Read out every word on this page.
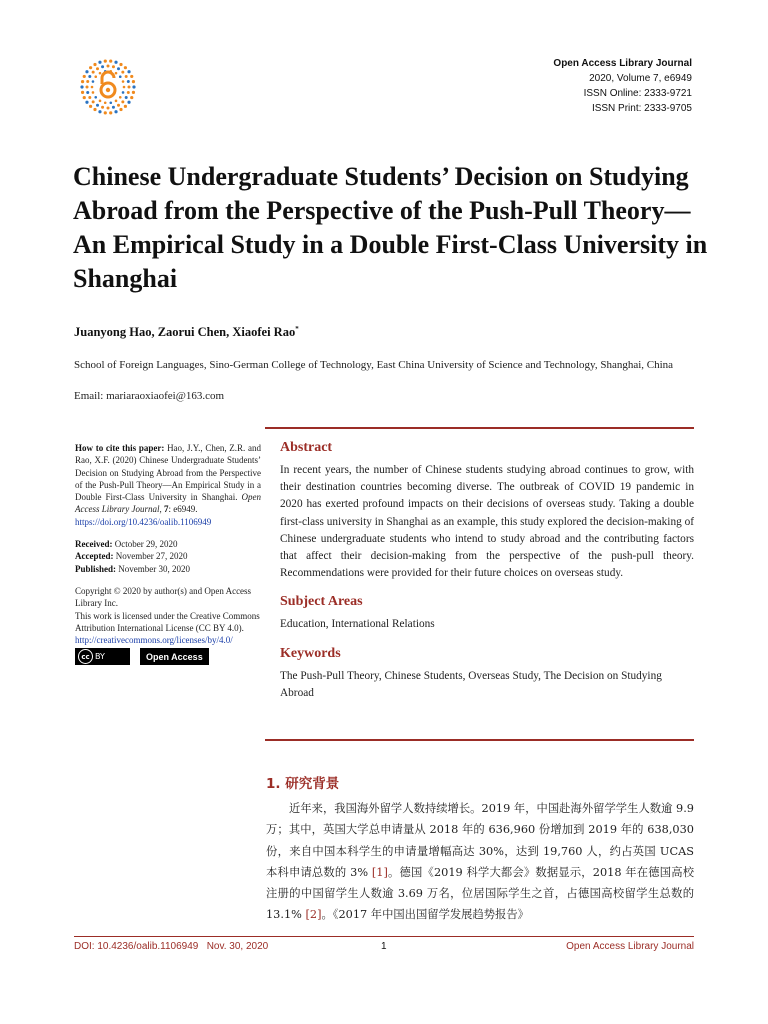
Open Access Library Journal
2020, Volume 7, e6949
ISSN Online: 2333-9721
ISSN Print: 2333-9705
Chinese Undergraduate Students’ Decision on Studying Abroad from the Perspective of the Push-Pull Theory—An Empirical Study in a Double First-Class University in Shanghai
Juanyong Hao, Zaorui Chen, Xiaofei Rao*
School of Foreign Languages, Sino-German College of Technology, East China University of Science and Technology, Shanghai, China
Email: mariaraoxiaofei@163.com
How to cite this paper: Hao, J.Y., Chen, Z.R. and Rao, X.F. (2020) Chinese Undergraduate Students’ Decision on Studying Abroad from the Perspective of the Push-Pull Theory—An Empirical Study in a Double First-Class University in Shanghai. Open Access Library Journal, 7: e6949.
https://doi.org/10.4236/oalib.1106949
Received: October 29, 2020
Accepted: November 27, 2020
Published: November 30, 2020
Copyright © 2020 by author(s) and Open Access Library Inc.
This work is licensed under the Creative Commons Attribution International License (CC BY 4.0).
http://creativecommons.org/licenses/by/4.0/
cc BY	Open Access
Abstract

In recent years, the number of Chinese students studying abroad continues to grow, with their destination countries becoming diverse. The outbreak of COVID 19 pandemic in 2020 has exerted profound impacts on their decisions of overseas study. Taking a double first-class university in Shanghai as an example, this study explored the decision-making of Chinese undergraduate students who intend to study abroad and the contributing factors that affect their decision-making from the perspective of the push-pull theory. Recommendations were provided for their future choices on overseas study.

Subject Areas

Education, International Relations

Keywords

The Push-Pull Theory, Chinese Students, Overseas Study, The Decision on Studying Abroad

1. 研究背景
近年来，我国海外留学人数持续增长。2019 年，中国赴海外留学学生人数逾 9.9 万；其中，英国大学总申请量从 2018 年的 636,960 份增加到 2019 年的 638,030 份，来自中国本科学生的申请量增幅高达 30%，达到 19,760 人，约占英国 UCAS 本科申请总数的 3% [1]。德国《2019 科学大都会》数据显示，2018 年在德国高校注册的中国留学生人数逾 3.69 万名，位居国际学生之首，占德国高校留学生总数的 13.1% [2]。《2017 年中国出国留学发展趋势报告》
DOI: 10.4236/oalib.1106949 Nov. 30, 2020	1	Open Access Library Journal
